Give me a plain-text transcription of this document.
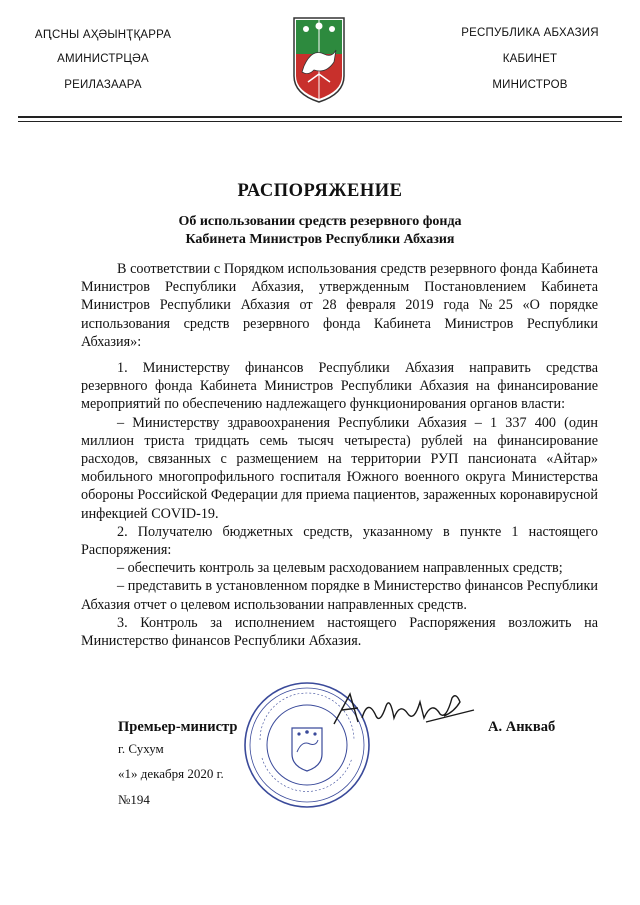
АԤСНЫ АҲӘЫНҬҚАРРА
АМИНИСТРЦӘА
РЕИЛАЗААРА
РЕСПУБЛИКА АБХАЗИЯ
КАБИНЕТ
МИНИСТРОВ
РАСПОРЯЖЕНИЕ
Об использовании средств резервного фонда
Кабинета Министров Республики Абхазия

В соответствии с Порядком использования средств резервного фонда Кабинета Министров Республики Абхазия, утвержденным Постановлением Кабинета Министров Республики Абхазия от 28 февраля 2019 года №25 «О порядке использования средств резервного фонда Кабинета Министров Республики Абхазия»:

1. Министерству финансов Республики Абхазия направить средства резервного фонда Кабинета Министров Республики Абхазия на финансирование мероприятий по обеспечению надлежащего функционирования органов власти:

– Министерству здравоохранения Республики Абхазия – 1 337 400 (один миллион триста тридцать семь тысяч четыреста) рублей на финансирование расходов, связанных с размещением на территории РУП пансионата «Айтар» мобильного многопрофильного госпиталя Южного военного округа Министерства обороны Российской Федерации для приема пациентов, зараженных коронавирусной инфекцией COVID-19.

2. Получателю бюджетных средств, указанному в пункте 1 настоящего Распоряжения:

– обеспечить контроль за целевым расходованием направленных средств;

– представить в установленном порядке в Министерство финансов Республики Абхазия отчет о целевом использовании направленных средств.

3. Контроль за исполнением настоящего Распоряжения возложить на Министерство финансов Республики Абхазия.

Премьер-министр	А. Анкваб
г. Сухум
«1» декабря 2020 г.
№194
